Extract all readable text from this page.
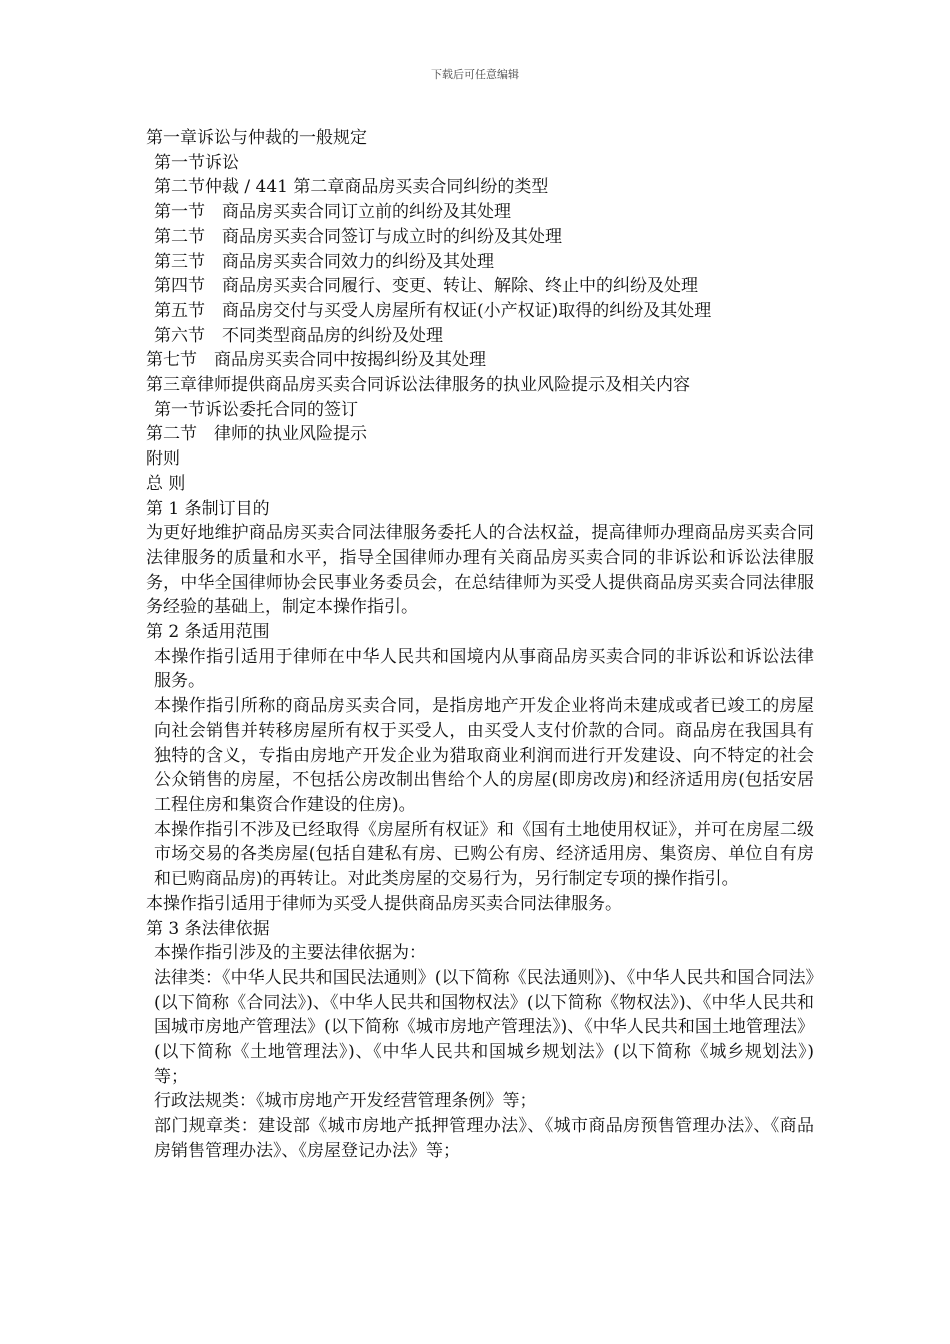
下载后可任意编辑

第一章诉讼与仲裁的一般规定

第一节诉讼

第二节仲裁 / 441 第二章商品房买卖合同纠纷的类型

第一节　商品房买卖合同订立前的纠纷及其处理

第二节　商品房买卖合同签订与成立时的纠纷及其处理

第三节　商品房买卖合同效力的纠纷及其处理

第四节　商品房买卖合同履行、变更、转让、解除、终止中的纠纷及处理

第五节　商品房交付与买受人房屋所有权证(小产权证)取得的纠纷及其处理

第六节　不同类型商品房的纠纷及处理

第七节　商品房买卖合同中按揭纠纷及其处理

第三章律师提供商品房买卖合同诉讼法律服务的执业风险提示及相关内容

第一节诉讼委托合同的签订

第二节　律师的执业风险提示

附则

总 则

第 1 条制订目的

为更好地维护商品房买卖合同法律服务委托人的合法权益，提高律师办理商品房买卖合同法律服务的质量和水平，指导全国律师办理有关商品房买卖合同的非诉讼和诉讼法律服务，中华全国律师协会民事业务委员会，在总结律师为买受人提供商品房买卖合同法律服务经验的基础上，制定本操作指引。

第 2 条适用范围

本操作指引适用于律师在中华人民共和国境内从事商品房买卖合同的非诉讼和诉讼法律服务。

本操作指引所称的商品房买卖合同，是指房地产开发企业将尚未建成或者已竣工的房屋向社会销售并转移房屋所有权于买受人，由买受人支付价款的合同。商品房在我国具有独特的含义，专指由房地产开发企业为猎取商业利润而进行开发建设、向不特定的社会公众销售的房屋，不包括公房改制出售给个人的房屋(即房改房)和经济适用房(包括安居工程住房和集资合作建设的住房)。

本操作指引不涉及已经取得《房屋所有权证》和《国有土地使用权证》，并可在房屋二级市场交易的各类房屋(包括自建私有房、已购公有房、经济适用房、集资房、单位自有房和已购商品房)的再转让。对此类房屋的交易行为，另行制定专项的操作指引。

本操作指引适用于律师为买受人提供商品房买卖合同法律服务。

第 3 条法律依据

本操作指引涉及的主要法律依据为：

法律类：《中华人民共和国民法通则》(以下简称《民法通则》)、《中华人民共和国合同法》(以下简称《合同法》)、《中华人民共和国物权法》(以下简称《物权法》)、《中华人民共和国城市房地产管理法》(以下简称《城市房地产管理法》)、《中华人民共和国土地管理法》(以下简称《土地管理法》)、《中华人民共和国城乡规划法》(以下简称《城乡规划法》)等；

行政法规类：《城市房地产开发经营管理条例》等；

部门规章类：建设部《城市房地产抵押管理办法》、《城市商品房预售管理办法》、《商品房销售管理办法》、《房屋登记办法》等；
